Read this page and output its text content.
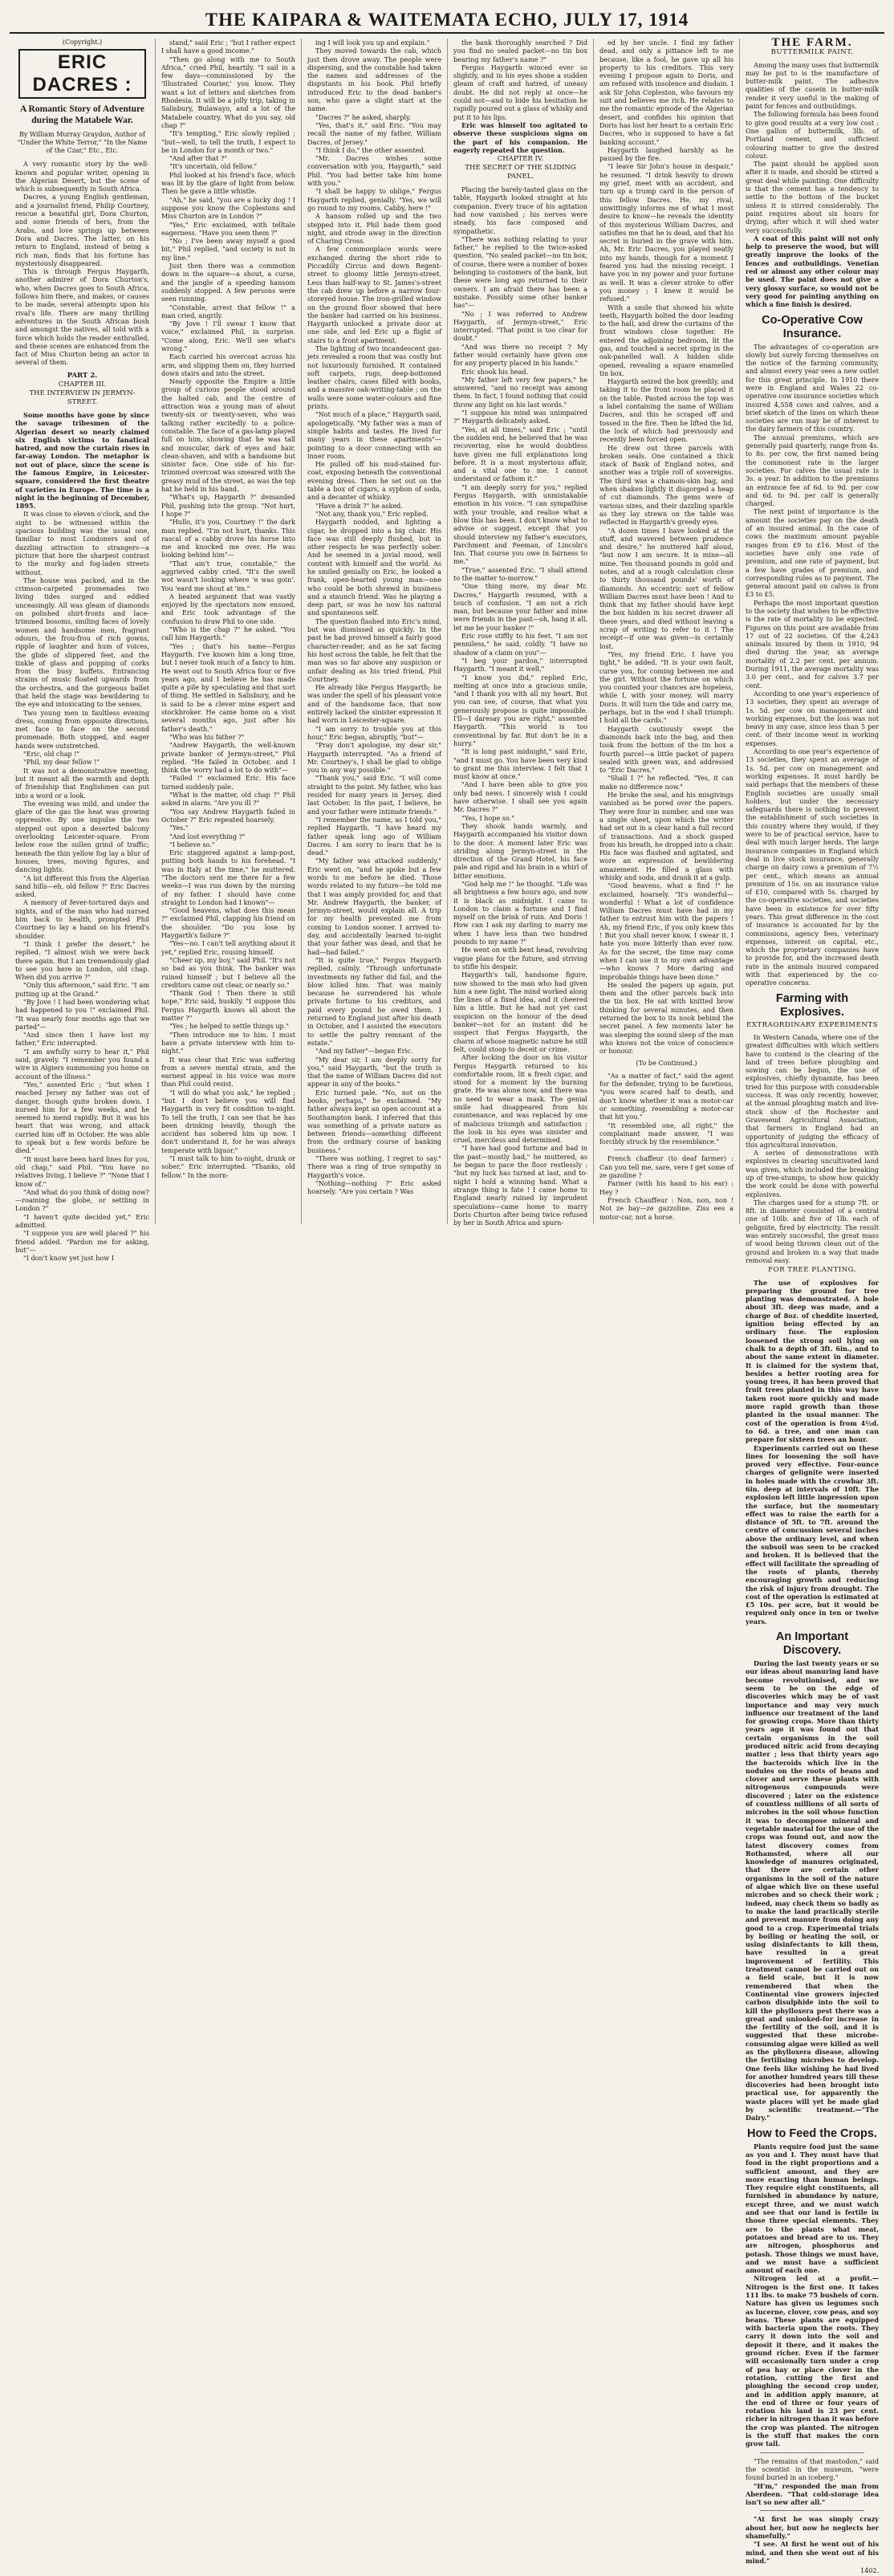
THE KAIPARA & WAITEMATA ECHO, JULY 17, 1914

(Copyright.)

ERIC DACRES :

A Romantic Story of Adventure during the Matabele War.

By William Murray Graydon, Author of "Under the White Terror," "In the Name of the Czar," Etc., Etc.

A very romantic story by the well-known and popular writer, opening in the Algerian Desert, but the scene of which is subsequently in South Africa.

Dacres, a young English gentleman, and a journalist friend, Philip Courtney, rescue a beautiful girl, Dora Churton, and some friends of hers, from the Arabs, and love springs up between Dora and Dacres. The latter, on his return to England, instead of being a rich man, finds that his fortune has mysteriously disappeared.

This is through Fergus Haygarth, another admirer of Dora Churton's, who, when Dacres goes to South Africa, follows him there, and makes, or causes to be made, several attempts upon his rival's life. There are many thrilling adventures in the South African bush and amongst the natives, all told with a force which holds the reader enthralled, and these scenes are enhanced from the fact of Miss Churton being an actor in several of them.

PART 2.

CHAPTER III.

THE INTERVIEW IN JERMYN-STREET.

Some months have gone by since the savage tribesmen of the Algerian desert so nearly claimed six English victims to fanatical hatred, and now the curtain rises in far-away London. The metaphor is not out of place, since the scene is the famous Empire, in Leicester-square, considered the first theatre of varieties in Europe. The time is a night in the beginning of December, 1895.

It was close to eleven o'clock, and the sight to be witnessed within the spacious building was the usual one, familiar to most Londoners and of dazzling attraction to strangers—a picture that bore the sharpest contrast to the murky and fog-laden streets without.

The house was packed, and in the crimson-carpeted promenades two living tides surged and eddied unceasingly. All was gleam of diamonds on polished shirt-fronts and lace-trimmed bosoms, smiling faces of lovely women and handsome men, fragrant odours, the frou-frou of rich gowns, ripple of laughter and hum of voices, the glide of slippered feet, and the tinkle of glass and popping of corks from the busy buffets. Entrancing strains of music floated upwards from the orchestra, and the gorgeous ballet that held the stage was bewildering to the eye and intoxicating to the senses.

Two young men in faultless evening dress, coming from opposite directions, met face to face on the second promenade. Both stopped, and eager hands were outstretched.

"Eric, old chap !"

"Phil, my dear fellow !"

It was not a demonstrative meeting, but it meant all the warmth and depth of friendship that Englishmen can put into a word or a look.

The evening was mild, and under the glare of the gas the heat was growing oppressive. By one impulse the two stepped out upon a deserted balcony overlooking Leicester-square. From below rose the sullen grind of traffic; beneath the thin yellow fog lay a blur of houses, trees, moving figures, and dancing lights.

"A bit different this from the Algerian sand hills—eh, old fellow ?" Eric Dacres asked.

A memory of fever-tortured days and nights, and of the man who had nursed him back to health, prompted Phil Courtney to lay a hand on his friend's shoulder.

"I think I prefer the desert," he replied. "I almost wish we were back there again. But I am tremendously glad to see you here in London, old chap. When did you arrive ?"

"Only this afternoon," said Eric. "I am putting up at the Grand."

"By Jove ! I had been wondering what had happened to you !" exclaimed Phil. "It was nearly four months ago that we parted"—

"And since then I have lost my father," Eric interrupted.

"I am awfully sorry to hear it," Phil said, gravely. "I remember you found a wire in Algiers summoning you home on account of the illness."

"Yes," assented Eric ; "but when I reached Jersey my father was out of danger, though quite broken down. I nursed him for a few weeks, and he seemed to mend rapidly. But it was his heart that was wrong, and attack carried him off in October. He was able to speak but a few words before he died."

"It must have been hard lines for you, old chap," said Phil. "You have no relatives living, I believe ?" "None that I know of."

"And what do you think of doing now?—roaming the globe, or settling in London ?"

"I haven't quite decided yet," Eric admitted.

"I suppose you are well placed ?" his friend added. "Pardon me for asking, but"—

"I don't know yet just how I

stand," said Eric ; "but I rather expect I shall have a good income."

"Then go along with me to South Africa," cried Phil, heartily. "I sail in a few days—commissioned by the 'Illustrated Courier,' you know. They want a lot of letters and sketches from Rhodesia. It will be a jolly trip, taking in Salisbury, Bulawayo, and a lot of the Matabele country. What do you say, old chap ?"

"It's tempting," Eric slowly replied ; "but—well, to tell the truth, I expect to be in London for a month or two."

"And after that ?"

"It's uncertain, old fellow."

Phil looked at his friend's face, which was lit by the glare of light from below. Then he gave a little whistle.

"Ah," he said, "you are a lucky dog ! I suppose you know the Coplestons and Miss Churton are in London ?"

"Yes," Eric exclaimed, with telltale eagerness. "Have you seen them ?"

"No ; I've been away myself a good bit," Phil replied, "and society is not in my line."

Just then there was a commotion down in the square—a shout, a curse, and the jangle of a speeding hansom suddenly stopped. A few persons were seen running.

"Constable, arrest that fellow !" a man cried, angrily.

"By Jove ! I'll swear I know that voice," exclaimed Phil, in surprise. "Come along, Eric. We'll see what's wrong."

Each carried his overcoat across his arm, and slipping them on, they hurried down stairs and into the street.

Nearly opposite the Empire a little group of curious people stood around the halted cab, and the centre of attraction was a young man of about twenty-six or twenty-seven, who was talking rather excitedly to a police-constable. The face of a gas-lamp played full on him, showing that he was tall and muscular, dark of eyes and hair, clean-shaven, and with a handsome but sinister face. One side of his fur-trimmed overcoat was smeared with the greasy mud of the street, as was the top hat he held in his hand.

"What's up, Haygarth ?" demanded Phil, pushing into the group. "Not hurt, I hope ?"

"Hullo, it's you, Courtney !" the dark man replied. "I'm not hurt, thanks. This rascal of a cabby drove his horse into me and knocked me over. He was looking behind him"—

"That ain't true, constable," the aggrieved cabby cried. "It's the swell wot wasn't looking where 'e was goin'. You 'eard me shout at 'im."

A heated argument that was vastly enjoyed by the spectators now ensued, and Eric took advantage of the confusion to draw Phil to one side.

"Who is the chap ?" he asked. "You call him Haygarth."

"Yes ; that's his name—Fergus Haygarth. I've known him a long time, but I never took much of a fancy to him. He went out to South Africa four or five years ago, and I believe he has made quite a pile by speculating and that sort of thing. He settled in Salisbury, and he is said to be a clever mine expert and stockbroker. He came home on a visit several months ago, just after his father's death."

"Who was his father ?"

"Andrew Haygarth, the well-known private banker of Jermyn-street," Phil replied. "He failed in October, and I think the worry had a lot to do with"—

"Failed !" exclaimed Eric. His face turned suddenly pale.

"What is the matter, old chap ?" Phil asked in alarm. "Are you ill ?"

"You say Andrew Haygarth failed in October ?" Eric repeated hoarsely.

"Yes."

"And lost everything ?"

"I believe so."

Eric staggered against a lamp-post, putting both hands to his forehead. "I was in Italy at the time," he muttered. "The doctors sent me there for a few weeks—I was run down by the nursing of my father. I should have come straight to London had I known"—

"Good heavens, what does this mean ?" exclaimed Phil, clapping his friend on the shoulder. "Do you lose by Haygarth's failure ?"

"Yes—no. I can't tell anything about it yet," replied Eric, rousing himself.

"Cheer up, my boy," said Phil. "It's not so bad as you think. The banker was ruined himself ; but I believe all the creditors came out clear, or nearly so."

"Thank God ! Then there is still hope," Eric said, huskily. "I suppose this Fergus Haygarth knows all about the matter ?"

"Yes ; he helped to settle things up."

"Then introduce me to him. I must have a private interview with him to-night."

It was clear that Eric was suffering from a severe mental strain, and the earnest appeal in his voice was more than Phil could resist.

"I will do what you ask," he replied ; "but I don't believe you will find Haygarth in very fit condition to-night. To tell the truth, I can see that he has been drinking heavily, though the accident has sobered him up now. I don't understand it, for he was always temperate with liquor."

"I must talk to him to-night, drunk or sober," Eric interrupted. "Thanks, old fellow." In the morn-

ing I will look you up and explain."

They moved towards the cab, which just then drove away. The people were dispersing, and the constable had taken the names and addresses of the disputants in his book. Phil briefly introduced Eric to the dead banker's son, who gave a slight start at the name.

"Dacres ?" he asked, sharply.

"Yes, that's it," said Eric. "You may recall the name of my father, William Dacres, of Jersey."

"I think I do," the other assented.

"Mr. Dacres wishes some conversation with you, Haygarth," said Phil. "You had better take him home with you."

"I shall be happy to oblige," Fergus Haygarth replied, genially. "Yes, we will go round to my rooms. Cabby, here !"

A hansom rolled up and the two stepped into it. Phil bade them good night, and strode away in the direction of Charing Cross.

A few commonplace words were exchanged during the short ride to Piccadilly Circus and down Regent-street to gloomy little Jermyn-street. Less than half-way to St. James's-street the cab drew up before a narrow four-storeyed house. The iron-grilled window on the ground floor showed that here the banker had carried on his business. Haygarth unlocked a private door at one side, and led Eric up a flight of stairs to a front apartment.

The lighting of two incandescent gas-jets revealed a room that was costly but not luxuriously furnished. It contained soft carpets, rugs, deep-bottomed leather chairs, cases filled with books, and a massive oak-writing-table ; on the walls were some water-colours and fine prints.

"Not much of a place," Haygarth said, apologetically. "My father was a man of simple habits and tastes. He lived for many years in these apartments"—pointing to a door connecting with an inner room.

He pulled off his mud-stained fur-coat, exposing beneath the conventional evening dress. Then he set out on the table a box of cigars, a syphon of soda, and a decanter of whisky.

"Have a drink ?" he asked.

"Not any, thank you," Eric replied.

Haygarth nodded, and lighting a cigar, he dropped into a big chair. His face was still deeply flushed, but in other respects he was perfectly sober. And he seemed in a jovial mood, well content with himself and the world. As he smiled genially on Eric, he looked a frank, open-hearted young man—one who could be both shrewd in business and a staunch friend. Was he playing a deep part, or was he now his natural and spontaneous self.

The question flashed into Eric's mind, but was dismissed as quickly. In the past he had proved himself a fairly good character-reader, and as he sat facing his host across the table, he felt that the man was so far above any suspicion or unfair dealing as his tried friend, Phil Courtney.

He already like Fergus Haygarth; he was under the spell of his pleasant voice and of the handsome face, that now entirely lacked the sinister expression it had worn in Leicester-square.

"I am sorry to trouble you at this hour," Eric began, abruptly, "but"—

"Pray don't apologise, my dear sir," Haygarth interrupted. "As a friend of Mr. Courtney's, I shall be glad to oblige you in any way possible."

"Thank you," said Eric. "I will come straight to the point. My father, who has resided for many years in Jersey, died last October. In the past, I believe, he and your father were intimate friends."

"I remember the name, as I told you," replied Haygarth. "I have heard my father speak long ago of William Dacres. I am sorry to learn that he is dead."

"My father was attacked suddenly," Eric went on, "and he spoke but a few words to me before he died. Those words related to my future—he told me that I was amply provided for, and that Mr. Andrew Haygarth, the banker, of Jermyn-street, would explain all. A trip for my health prevented me from coming to London sooner. I arrived to-day, and accidentally learned to-night that your father was dead, and that he had—had failed."

"It is quite true," Fergus Haygarth replied, calmly. "Through unfortunate investments my father did fail, and the blow killed him. That was mainly because he surrendered his whole private fortune to his creditors, and paid every pound he owed them. I returned to England just after his death in October, and I assisted the executors to settle the paltry remnant of the estate."

"And my father"—began Eric.

"My dear sir, I am deeply sorry for you," said Haygarth, "but the truth is that the name of William Dacres did not appear in any of the books."

Eric turned pale. "No, not on the books, perhaps," he exclaimed. "My father always kept an open account at a Southampton bank. I inferred that this was something of a private nature as between friends—something different from the ordinary course of banking business."

"There was nothing, I regret to say." There was a ring of true sympathy in Haygarth's voice.

"Nothing—nothing ?" Eric asked hoarsely. "Are you certain ? Was

the bank thoroughly searched ? Did you find no sealed packet—no tin box bearing my father's name ?"

Fergus Haygarth winced ever so slightly, and in his eyes shone a sudden gleam of craft and hatred, of uneasy doubt. He did not reply at once—he could not—and to hide his hesitation he rapidly poured out a glass of whisky and put it to his lips.

Eric was himself too agitated to observe these suspicious signs on the part of his companion. He eagerly repeated the question.

CHAPTER IV.

THE SECRET OF THE SLIDING PANEL.

Placing the barely-tasted glass on the table, Haygarth looked straight at his companion. Every trace of his agitation had now vanished ; his nerves were steady, his face composed and sympathetic.

"There was nothing relating to your father," he replied to the twice-asked question. "No sealed packet—no tin box, of course, there were a number of boxes belonging to customers of the bank, but these were long ago returned to their owners. I am afraid there has been a mistake. Possibly some other banker has"—

"No ; I was referred to Andrew Haygarth, of Jermyn-street," Eric interrupted. "That point is too clear for doubt."

"And was there no receipt ? My father would certainly have given one for any property placed in his hands."

Eric shook his head.

"My father left very few papers," he answered, "and no receipt was among them. In fact, I found nothing that could throw any light on his last words."

"I suppose his mind was unimpaired ?" Haygarth delicately asked.

"Yes, at all times," said Eric ; "until the sudden end, he believed that he was recovering, else he would doubtless have given me full explanations long before. It is a most mysterious affair, and a vital one to me. I cannot understand or fathom it."

"I am deeply sorry for you," replied Fergus Haygarth, with unmistakable emotion in his voice. "I can sympathise with your trouble, and realise what a blow this has been. I don't know what to advise or suggest, except that you should interview my father's executors, Parchment and Feeman, of Lincoln's Inn. That course you owe in fairness to me."

"True," assented Eric. "I shall attend to the matter to-morrow."

"One thing more, my dear Mr. Dacres," Haygarth resumed, with a touch of confusion. "I am not a rich man, but because your father and mine were friends in the past—oh, hang it all, let me be your banker !"

Eric rose stiffly to his feet. "I am not penniless," he said, coldly. "I have no shadow of a claim on you"—

"I beg your pardon," interrupted Haygarth. "I meant it well."

"I know you did," replied Eric, melting at once into a gracious smile, "and I thank you with all my heart. But you can see, of course, that what you generously propose is quite impossible. I'll—I daresay you are right," assented Haygarth. "This world is too conventional by far. But don't be in a hurry."

"It is long past midnight," said Eric, "and I must go. You have been very kind to grant me this interview. I felt that I must know at once."

"And I have been able to give you only bad news. I sincerely wish I could have otherwise. I shall see you again Mr. Dacres ?"

"Yes, I hope so."

They shook hands warmly, and Haygarth accompanied his visitor down to the door. A moment later Eric was striding along Jermyn-street in the direction of the Grand Hotel, his face pale and rigid and his brain in a whirl of bitter emotions.

"God help me !" he thought. "Life was all brightness a few hours ago, and now it is black as midnight. I came to London to claim a fortune and I find myself on the brink of ruin. And Doris ! How can I ask my darling to marry me when I have less than two hundred pounds to my name ?"

He went on with bent head, revolving vague plans for the future, and striving to stifle his despair.

Haygarth's tall, handsome figure, now showed to the man who had given him a new light. The mind worked along the lines of a fixed idea, and it cheered him a little. But he had not yet cast suspicion on the honour of the dead banker—not for an instant did he suspect that Fergus Haygarth, the charm of whose magnetic nature he still felt, could stoop to deceit or crime.

After locking the door on his visitor Fergus Haygarth returned to his comfortable room, lit a fresh cigar, and stood for a moment by the burning grate. He was alone now, and there was no need to wear a mask. The genial smile had disappeared from his countenance, and was replaced by one of malicious triumph and satisfaction ; the look in his eyes was sinister and cruel, merciless and determined.

"I have had good fortune and bad in the past—mostly bad," he muttered, as he began to pace the floor restlessly : "but my luck has turned at last, and to-night I hold a winning hand. What a strange thing is fate ! I came home to England nearly ruined by imprudent speculations—came home to marry Doris Churton after being twice refused by her in South Africa and spurn-

ed by her uncle. I find my father dead, and only a pittance left to me because, like a fool, he gave up all his property to his creditors. This very evening I propose again to Doris, and am refused with insolence and disdain. I ask Sir John Copleston, who favours my suit and believes me rich. He relates to me the romantic episode of the Algerian desert, and confides his opinion that Doris has lost her heart to a certain Eric Dacres, who is supposed to have a fat banking account."

Haygarth laughed harshly as he paused by the fire.

"I leave Sir John's house in despair," he resumed. "I drink heavily to drown my grief, meet with an accident, and turn up a trump card in the person of this fellow Dacres. He, my rival, unwittingly informs me of what I most desire to know—he reveals the identity of this mysterious William Dacres, and satisfies me that he is dead, and that his secret is buried in the grave with him. Ah, Mr. Eric Dacres, you played neatly into my hands, though for a moment I feared you had the missing receipt. I have you in my power and your fortune as well. It was a clever stroke to offer you money ; I knew it would be refused."

With a smile that showed his white teeth, Haygarth bolted the door leading to the hall, and drew the curtains of the front windows close together. He entered the adjoining bedroom, lit the gas, and touched a secret spring in the oak-panelled wall. A hidden slide opened, revealing a square enamelled tin box.

Haygarth seized the box greedily, and taking it to the front room he placed it on the table. Pasted across the top was a label containing the name of William Dacres, and this he scraped off and tossed in the fire. Then he lifted the lid, the lock of which had previously and recently been forced open.

He drew out three parcels with broken seals. One contained a thick stack of Bank of England notes, and another was a triple roll of sovereigns. The third was a chamois-skin bag, and when shaken lightly it disgorged a heap of cut diamonds. The gems were of various sizes, and their dazzling sparkle as they lay strewn on the table was reflected in Haygarth's greedy eyes.

"A dozen times I have looked at the stuff, and wavered between prudence and desire," he muttered half aloud, "but now I am secure. It is mine—all mine. Ten thousand pounds in gold and notes, and at a rough calculation close to thirty thousand pounds' worth of diamonds. An eccentric sort of fellow William Dacres must have been ! And to think that my father should have kept the box hidden in his secret drawer all these years, and died without leaving a scrap of writing to refer to it ! The receipt—if one was given—is certainly lost.

"Yes, my friend Eric, I have you tight," he added. "It is your own fault, curse you, for coming between me and the girl. Without the fortune on which you counted your chances are hopeless, while I, with your money, will marry Doris. It will turn the tide and carry me, perhaps, but in the end I shall triumph. I hold all the cards."

Haygarth cautiously swept the diamonds back into the bag, and then took from the bottom of the tin box a fourth parcel—a little packet of papers sealed with green wax, and addressed to "Eric Dacres."

"Shall I ?" he reflected. "Yes, it can make no difference now."

He broke the seal, and his misgivings vanished as he pored over the papers. They were four in number, and one was a single sheet, upon which the writer had set out in a clear hand a full record of transactions. And a shock gasped from his breath, he dropped into a chair. His face was flushed and agitated, and wore an expression of bewildering amazement. He filled a glass with whisky and soda, and drank it at a gulp.

"Good heavens, what a find !" he exclaimed, hoarsely. "It's wonderful—wonderful ! What a lot of confidence William Dacres must have had in my father to entrust him with the papers ! Ah, my friend Eric, if you only knew this ! But you shall never know, I swear it. I hate you more bitterly than ever now. As for the secret, the time may come when I can use it to my own advantage—who knows ? More daring and improbable things have been done."

He sealed the papers up again, put them and the other parcels back into the tin box. He sat with knitted brow thinking for several minutes, and then returned the box to its nook behind the secret panel. A few moments later he was sleeping the sound sleep of the man who knows not the voice of conscience or honour.

(To be Continued.)

"As a matter of fact," said the agent for the defender, trying to be facetious, "you were scared half to death, and don't know whether it was a motor-car or something, resembling a motor-car that hit you."

"It resembled one, all right," the complainant made answer, "I was forcibly struck by the resemblance."

French chaffeur (to deaf farmer) : Can you tell me, sare, vere I get some of ze gazoline ?

Farmer (with his hand to his ear) : Hey ?

French Chauffeur : Non, non, non ! Not ze hay—ze gazzoline. Ziss ees a motor-car, not a horse.

THE FARM.
BUTTERMILK PAINT.

Among the many uses that buttermilk may be put to is the manufacture of butter-milk paint. The adhesive qualities of the casein in butter-milk render it very useful in the making of paint for fences and outbuildings.

The following formula has been found to give good results at a very low cost : One gallon of buttermilk, 3lb. of Portland cement, and sufficient colouring matter to give the desired colour.

The paint should be applied soon after it is made, and should be stirred a great deal while painting. One difficulty is that the cement has a tendency to settle to the bottom of the bucket unless it is stirred considerably. The paint requires about six hours for drying, after which it will shed water very successfully.

A coat of this paint will not only help to preserve the wood, but will greatly improve the looks of the fences and outbuildings. Venetian red or almost any other colour may be used. The paint does not give a very glossy surface, so would not be very good for painting anything on which a fine finish is desired.

Co-Operative Cow Insurance.

The advantages of co-operation are slowly but surely forcing themselves on the notice of the farming community, and almost every year sees a new outlet for this great principle. In 1910 there were in England and Wales 22 co-operative cow insurance societies which insured 4,558 cows and calves, and a brief sketch of the lines on which these societies are run may be of interest to the dairy farmers of this country.

The annual premiums, which are generally paid quarterly, range from 4s. to 8s. per cow, the first named being the commonest rate in the larger societies. For calves the usual rate is 3s. a year. In addition to the premiums an entrance fee of 6d. to 9d. per cow and 6d. to 9d. per calf is generally charged.

The next point of importance is the amount the societies pay on the death of an insured animal. In the case of cows the maximum amount payable ranges from £9 to £16. Most of the societies have only one rate of premium, and one rate of payment, but a few have grades of premium, and corresponding rules as to payment. The general amount paid on calves is from £3 to £5.

Perhaps the most important question to the society that wishes to be effective is the rate of mortality to be expected. Figures on this point are available from 17 out of 22 societies. Of the 4,243 animals insured by them in 1910, 94 died during the year, an average mortality of 2.2 per cent. per annum. During 1911, the average mortality was 3.0 per cent., and for calves 3.7 per cent.

According to one year's experience of 13 societies, they spent an average of 1s. 5d. per cow on management and working expenses, but the loss was not heavy in any case, since less than 5 per cent. of their income went in working expenses.

According to one year's experience of 13 societies, they spent an average of 1s. 5d. per cow on management and working expenses. It must hardly be said perhaps that the members of these English societies are usually small holders, but under the necessary safeguards there is nothing to prevent the establishment of such societies in this country where they would, if they were to be of practical service, have to deal with much larger herds. The large insurance companies in England which deal in live stock insurance, generally charge on dairy cows a premium of 7½ per cent., which means an annual premium of 15s. on an insurance value of £10, compared with 5s. charged by the co-operative societies, and societies have been in existence for over fifty years. This great difference in the cost of insurance is accounted for by the commissions, agency fees, veterinary expenses, interest on capital, etc., which the proprietary companies have to provide for, and the increased death rate in the animals insured compared with that experienced by the co-operative concerns.

Farming with Explosives.
EXTRAORDINARY EXPERIMENTS

In Western Canada, where one of the greatest difficulties with which settlers have to contend is the clearing of the land of trees before ploughing and sowing can be begun, the use of explosives, chiefly dynamite, has been tried for this purpose with considerable success. It was only recently, however, at the annual ploughing match and live-stock show of the Rochester and Gravesend Agricultural Association, that farmers in England had an opportunity of judging the efficacy of this agricultural innovation.

A series of demonstrations with explosives in clearing uncultivated land was given, which included the breaking up of tree-stumps, to show how quickly the work could be done with powerful explosives.

The charges used for a stump 7ft. or 8ft. in diameter consisted of a central one of 10lb. and five of 1lb. each of gelignite, fired by electricity. The result was entirely successful, the great mass of wood being thrown clean out of the ground and broken in a way that made removal easy.

FOR TREE PLANTING.

The use of explosives for preparing the ground for tree planting was demonstrated. A hole about 3ft. deep was made, and a charge of 8oz. of cheddite inserted, ignition being effected by an ordinary fuse. The explosion loosened the strong soil lying on chalk to a depth of 3ft. 6in., and to about the same extent in diameter. It is claimed for the system that, besides a better rooting area for young trees, it has been proved that fruit trees planted in this way have taken root more quickly and made more rapid growth than those planted in the usual manner. The cost of the operation is from 4½d. to 6d. a tree, and one man can prepare for sixteen trees an hour.

Experiments carried out on these lines for loosening the soil have proved very effective. Four-ounce charges of gelignite were inserted in holes made with the crowbar 3ft. 6in. deep at intervals of 10ft. The explosion left little impression upon the surface, but the momentary effect was to raise the earth for a distance of 5ft. to 7ft. around the centre of concussion several inches above the ordinary level, and when the subsoil was seen to be cracked and broken. It is believed that the effect will facilitate the spreading of the roots of plants, thereby encouraging growth and reducing the risk of injury from drought. The cost of the operation is estimated at £5 10s. per acre, but it would be required only once in ten or twelve years.

An Important Discovery.

During the last twenty years or so our ideas about manuring land have become revolutionised, and we seem to be on the edge of discoveries which may be of vast importance and may very much influence our treatment of the land for growing crops. More than thirty years ago it was found out that certain organisms in the soil produced nitric acid from decaying matter ; less that thirty years ago the bacteroids which live in the nodules on the roots of beans and clover and serve these plants with nitrogenous compounds were discovered ; later on the existence of countless millions of all sorts of microbes in the soil whose function it was to decompose mineral and vegetable material for the use of the crops was found out, and now the latest discovery comes from Rothamsted, where all our knowledge of manures originated, that there are certain other organisms in the soil of the nature of algae which live on these useful microbes and so check their work ; indeed, may check them so badly as to make the land practically sterile and prevent manure from doing any good to a crop. Experimental trials by boiling or heating the soil, or using disinfectants to kill them, have resulted in a great improvement of fertility. This treatment cannot be carried out on a field scale, but it is now remembered that when the Continental vine growers injected carbon disulphide into the soil to kill the phylloxera pest there was a great and unlooked-for increase in the fertility of the soil, and it is suggested that these microbe-consuming algae were killed as well as the phylloxera disease, allowing the fertilising microbes to develop. One feels like wishing he had lived for another hundred years till these discoveries had been brought into practical use, for apparently the waste places will yet be made glad by scientific treatment.—"The Dairy."

How to Feed the Crops.

Plants require food just the same as you and I. They must have that food in the right proportions and a sufficient amount, and they are more exacting than human beings. They require eight constituents, all furnished in abundance by nature, except three, and we must watch and see that our land is fertile in those three special elements. They are to the plants what meat, potatoes and bread are to us. They are nitrogen, phosphorus and potash. Those things we must have, and we must have a sufficient amount of each one.

Nitrogen led at a profit.—Nitrogen is the first one. It takes 111 lbs. to make 75 bushels of corn. Nature has given us legumes such as lucerne, clover, cow peas, and soy beans. These plants are equipped with bacteria upon the roots. They carry it down into the soil and deposit it there, and it makes the ground richer. Even if the farmer will occasionally turn under a crop of pea hay or place clover in the rotation, cutting the first and ploughing the second crop under, and in addition apply manure, at the end of three or four years of rotation his land is 23 per cent. richer in nitrogen than it was before the crop was planted. The nitrogen is the stuff that makes the corn grow tall.

"The remains of that mastodon," said the scientist in the museum, "were found buried in an iceberg."

"H'm," responded the man from Aberdeen. "That cold-storage idea isn't so new after all."

"At first he was simply crazy about her, but now he neglects her shamefully."

"I see. At first he went out of his mind, and then she went out of his mind."

1402.
